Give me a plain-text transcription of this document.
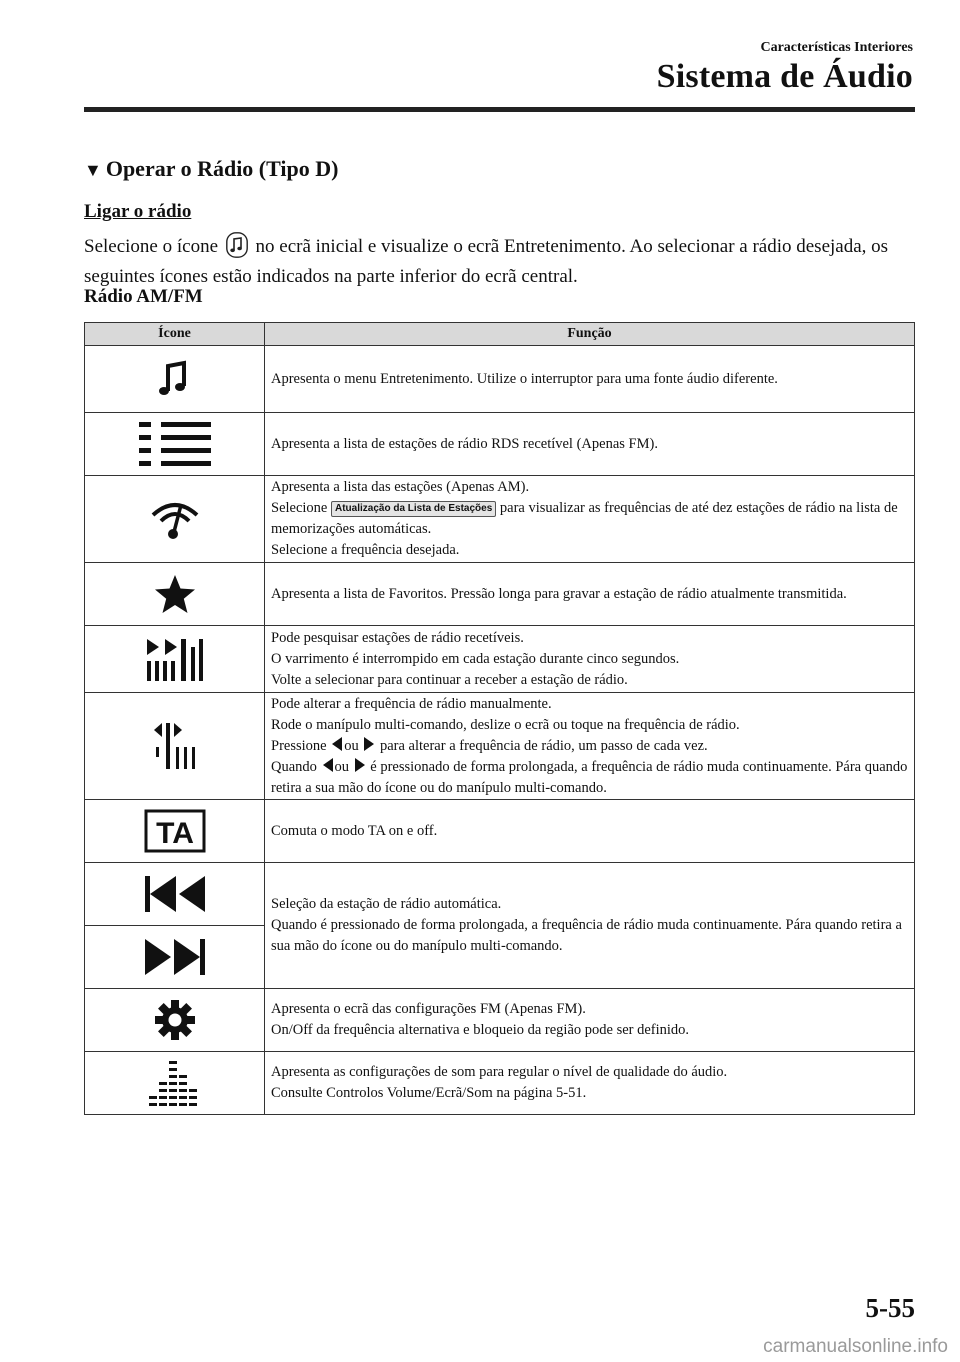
Características Interiores
Sistema de Áudio
▼ Operar o Rádio (Tipo D)
Ligar o rádio
Selecione o ícone no ecrã inicial e visualize o ecrã Entretenimento. Ao selecionar a rádio desejada, os seguintes ícones estão indicados na parte inferior do ecrã central.
Rádio AM/FM
Ícone	Função

	Apresenta o menu Entretenimento. Utilize o interruptor para uma fonte áudio diferente.

	Apresenta a lista de estações de rádio RDS recetível (Apenas FM).

Apresenta a lista das estações (Apenas AM).
Selecione Atualização da Lista de Estações para visualizar as frequências de até dez estações de rádio na lista de memorizações automáticas.
Selecione a frequência desejada.

	Apresenta a lista de Favoritos. Pressão longa para gravar a estação de rádio atualmente transmitida.

Pode pesquisar estações de rádio recetíveis.
O varrimento é interrompido em cada estação durante cinco segundos.
Volte a selecionar para continuar a receber a estação de rádio.

Pode alterar a frequência de rádio manualmente.
Rode o manípulo multi-comando, deslize o ecrã ou toque na frequência de rádio.
Pressione ou para alterar a frequência de rádio, um passo de cada vez.
Quando ou é pressionado de forma prolongada, a frequência de rádio muda continuamente. Pára quando retira a sua mão do ícone ou do manípulo multi-comando.

TA	Comuta o modo TA on e off.

Seleção da estação de rádio automática.
Quando é pressionado de forma prolongada, a frequência de rádio muda continuamente. Pára quando retira a sua mão do ícone ou do manípulo multi-comando.

Apresenta o ecrã das configurações FM (Apenas FM).
On/Off da frequência alternativa e bloqueio da região pode ser definido.

Apresenta as configurações de som para regular o nível de qualidade do áudio.
Consulte Controlos Volume/Ecrã/Som na página 5-51.
5-55
carmanualsonline.info
